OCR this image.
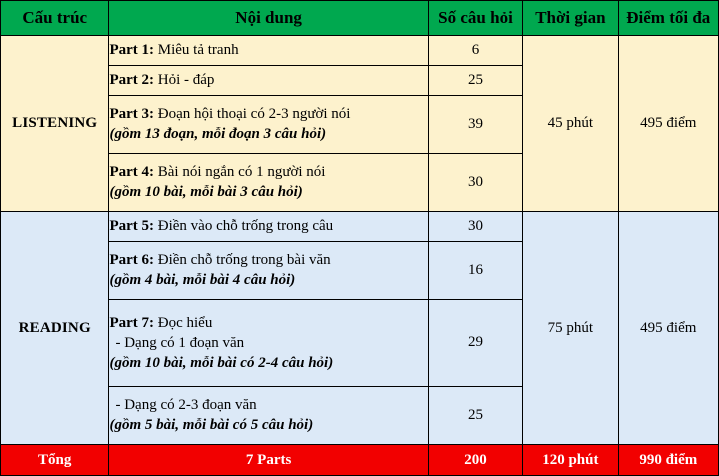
Cấu trúc	Nội dung	Số câu hỏi	Thời gian	Điểm tối đa
LISTENING	Part 1: Miêu tả tranh	6	45 phút	495 điểm
	Part 2: Hỏi - đáp	25		
	Part 3: Đoạn hội thoại có 2-3 người nói
(gồm 13 đoạn, mỗi đoạn 3 câu hỏi)	39		
	Part 4: Bài nói ngắn có 1 người nói
(gồm 10 bài, mỗi bài 3 câu hỏi)	30		
READING	Part 5: Điền vào chỗ trống trong câu	30	75 phút	495 điểm
	Part 6: Điền chỗ trống trong bài văn
(gồm 4 bài, mỗi bài 4 câu hỏi)	16		
	Part 7: Đọc hiểu
- Dạng có 1 đoạn văn
(gồm 10 bài, mỗi bài có 2-4 câu hỏi)	29		

	- Dạng có 2-3 đoạn văn
(gồm 5 bài, mỗi bài có 5 câu hỏi)	25		
Tổng	7 Parts	200	120 phút	990 điểm
